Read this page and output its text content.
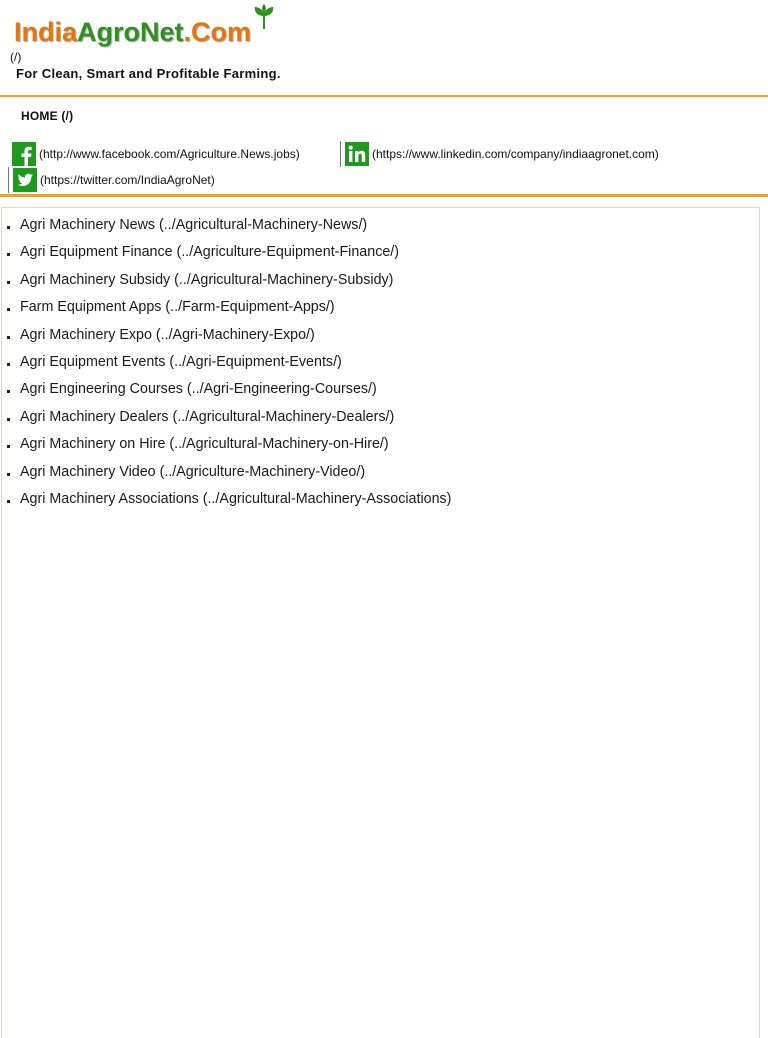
India Agro Net . Com
(/)
For Clean, Smart and Profitable Farming.
HOME (/)
(http://www.facebook.com/Agriculture.News.jobs)	(https://www.linkedin.com/company/indiaagronet.com)
(https://twitter.com/IndiaAgroNet)
Agri Machinery News (../Agricultural-Machinery-News/)
Agri Equipment Finance (../Agriculture-Equipment-Finance/)
Agri Machinery Subsidy (../Agricultural-Machinery-Subsidy)
Farm Equipment Apps (../Farm-Equipment-Apps/)
Agri Machinery Expo (../Agri-Machinery-Expo/)
Agri Equipment Events (../Agri-Equipment-Events/)
Agri Engineering Courses (../Agri-Engineering-Courses/)
Agri Machinery Dealers (../Agricultural-Machinery-Dealers/)
Agri Machinery on Hire (../Agricultural-Machinery-on-Hire/)
Agri Machinery Video (../Agriculture-Machinery-Video/)
Agri Machinery Associations (../Agricultural-Machinery-Associations)
